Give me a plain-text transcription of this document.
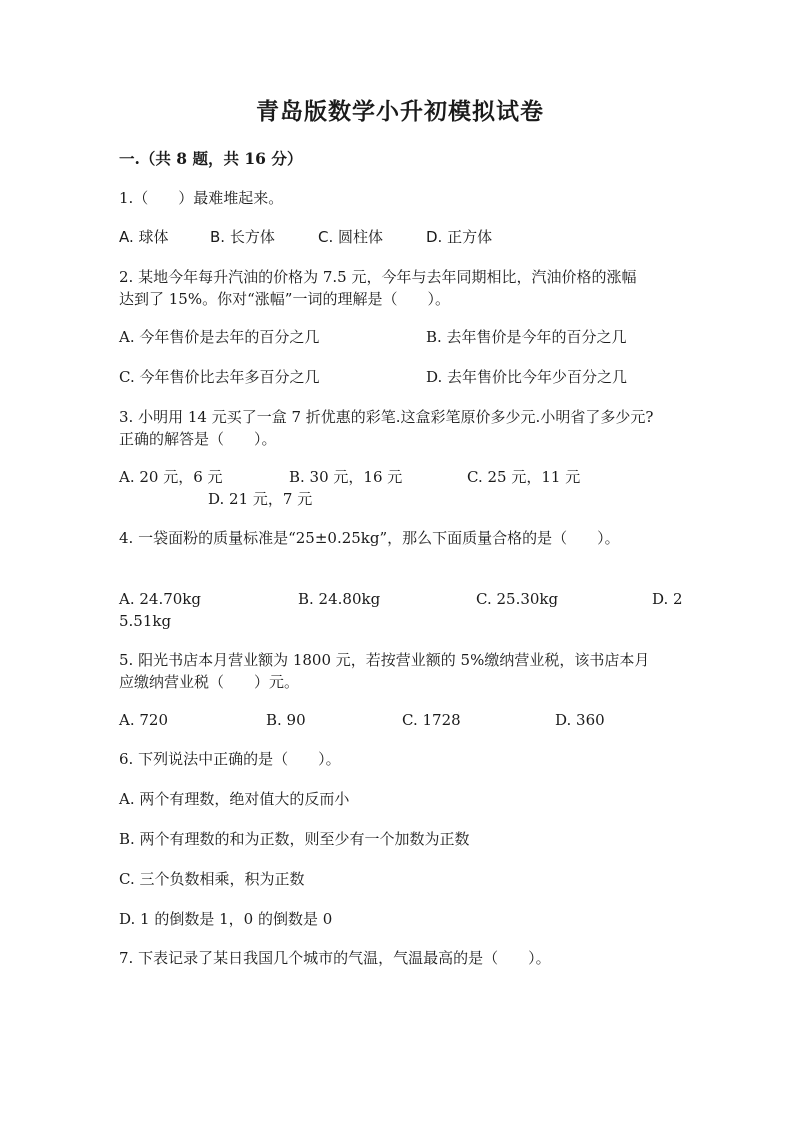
青岛版数学小升初模拟试卷
一.（共 8 题，共 16 分）
1.（　　）最难堆起来。
A. 球体	B. 长方体	C. 圆柱体	D. 正方体
2. 某地今年每升汽油的价格为 7.5 元，今年与去年同期相比，汽油价格的涨幅
达到了 15%。你对“涨幅”一词的理解是（　　）。
A. 今年售价是去年的百分之几	B. 去年售价是今年的百分之几
C. 今年售价比去年多百分之几	D. 去年售价比今年少百分之几
3. 小明用 14 元买了一盒 7 折优惠的彩笔.这盒彩笔原价多少元.小明省了多少元?
正确的解答是（　　）。
A. 20 元，6 元	B. 30 元，16 元	C. 25 元，11 元
D. 21 元，7 元
4. 一袋面粉的质量标准是“25±0.25kg”，那么下面质量合格的是（　　）。
A. 24.70kg	B. 24.80kg	C. 25.30kg	D. 2
5.51kg
5. 阳光书店本月营业额为 1800 元，若按营业额的 5%缴纳营业税，该书店本月
应缴纳营业税（　　）元。
A. 720	B. 90	C. 1728	D. 360
6. 下列说法中正确的是（　　）。
A. 两个有理数，绝对值大的反而小
B. 两个有理数的和为正数，则至少有一个加数为正数
C. 三个负数相乘，积为正数
D. 1 的倒数是 1，0 的倒数是 0
7. 下表记录了某日我国几个城市的气温，气温最高的是（　　）。
